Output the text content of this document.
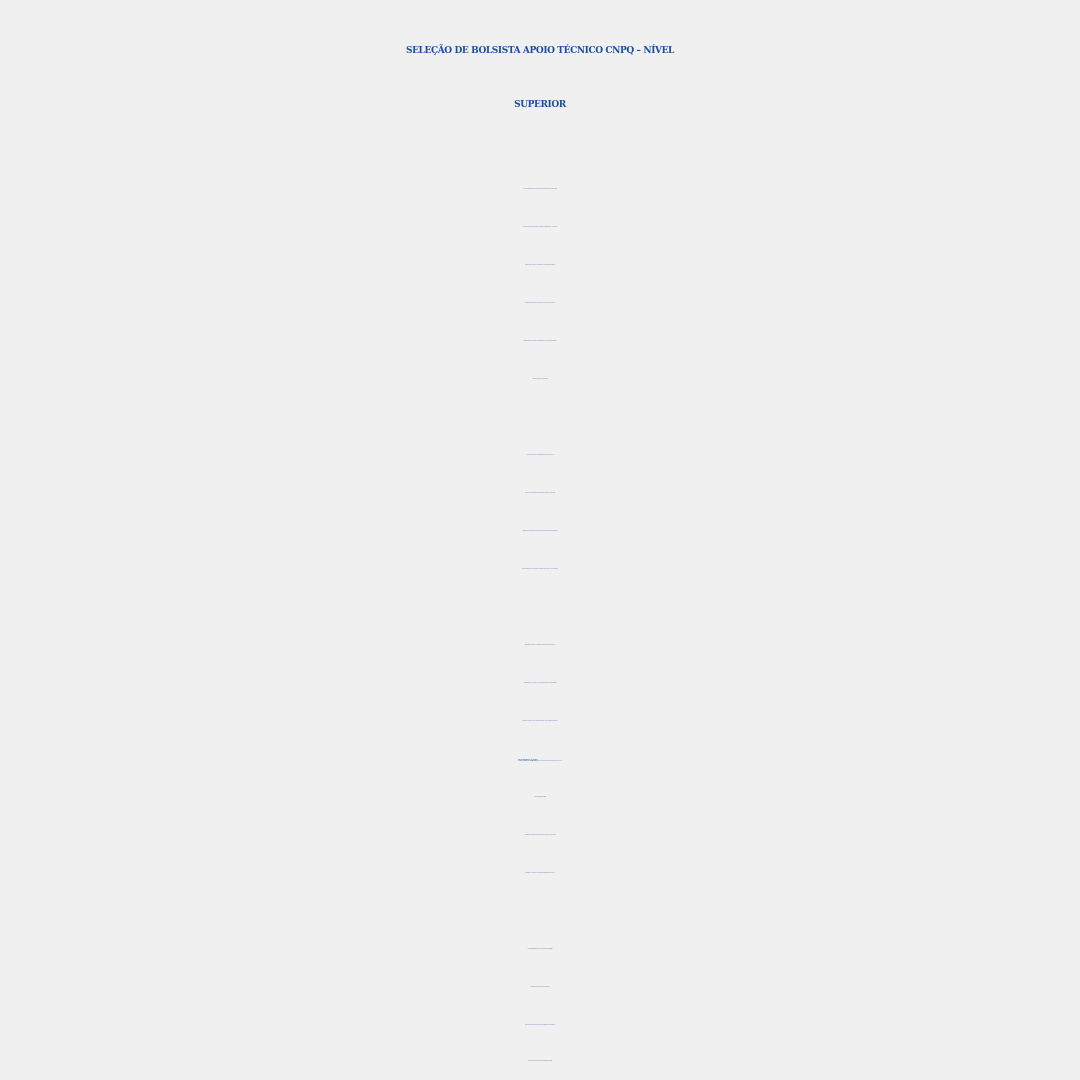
SELEÇÃO DE BOLSISTA APOIO TÉCNICO CNPQ – NÍVEL
SUPERIOR
VAGA PARA BOLSISTA DE APOIO TÉCNICO EM PROJETO FINANCIADO PELO CNPQ
“O QUE QUEREM OS MOVIMENTOS FEMINISTAS, ANTIRRACISTAS E A FAVOR DOS
DIREITOS PARA A POPULAÇÃO LGBTQIA+? COMPREENSÕES SOBRE AS
DESIGUALDADES SOCIAIS E COMO MITIGÁ-LAS”. COORDENADO PELXS
PROFESSORXS OLIVIA CRISTINA PEREZ (UFPI) JOANA VAZ DE MOURA (UFRN) E
GUSTAVO GOMES DA COSTA (UFPE).
O VALOR MENSAL DA BOLSA É R$ 550,00 COM DURAÇÃO DE 1 ANO.
DEDICAÇÃO: 12 HORAS SEMANAIS (HORÁRIO FLEXÍVEL E NEGOCIADO).
ATRIBUIÇÕES DO BOLSISTA: ·REALIZAR E TRANSCREVER ENTREVISTAS ·ESCRITA DE
TEXTOS - PREPARAÇÃO DE MATERIAL E EVENTOS PARA A DIVULGAÇÃO DA PESQUISA
REQUISITOS: A) FORMAÇÃO: SUPERIOR COMPLETO B) COMUNICAÇÃO E
PROATIVIDADE C) O CANIDATO NÃO PODE TER OUTRAS BOLSAS D) PODE TER
TRABALHO FORMAL CASO COMPROVE DISPOR DE CARGA HORÁRIA COMPATÍVEL
INTERESSADXS, ENVIAR OS SEGUINTES DOCUMENTOS PARA O E-MAIL
OLIVIAPEREZ@UFPI.EDU.BR
A) CURRÍCULO LATTES B) CÓPIA DO DIPLOMA DA GRADUAÇÃO C) CÓPIA DO
HISTÓRICO DA GRADUAÇÃO D) CARTA DE INTERESSE PELO PROJETO
PRAZO: 02/05/2022 REALIZAÇÃO DA ENTREVISTA: 04/05/2022
NO PERÍODO DA TARDE E DE FORMA REMOTA.
ETAPAS DO PROCESSO SELETIVO: ANÁLISE CURRICULAR E ENTREVISTA
INFORMAÇÕES ADICIONAIS: OLIVIAPEREZ@UFPI.EDU.BR
